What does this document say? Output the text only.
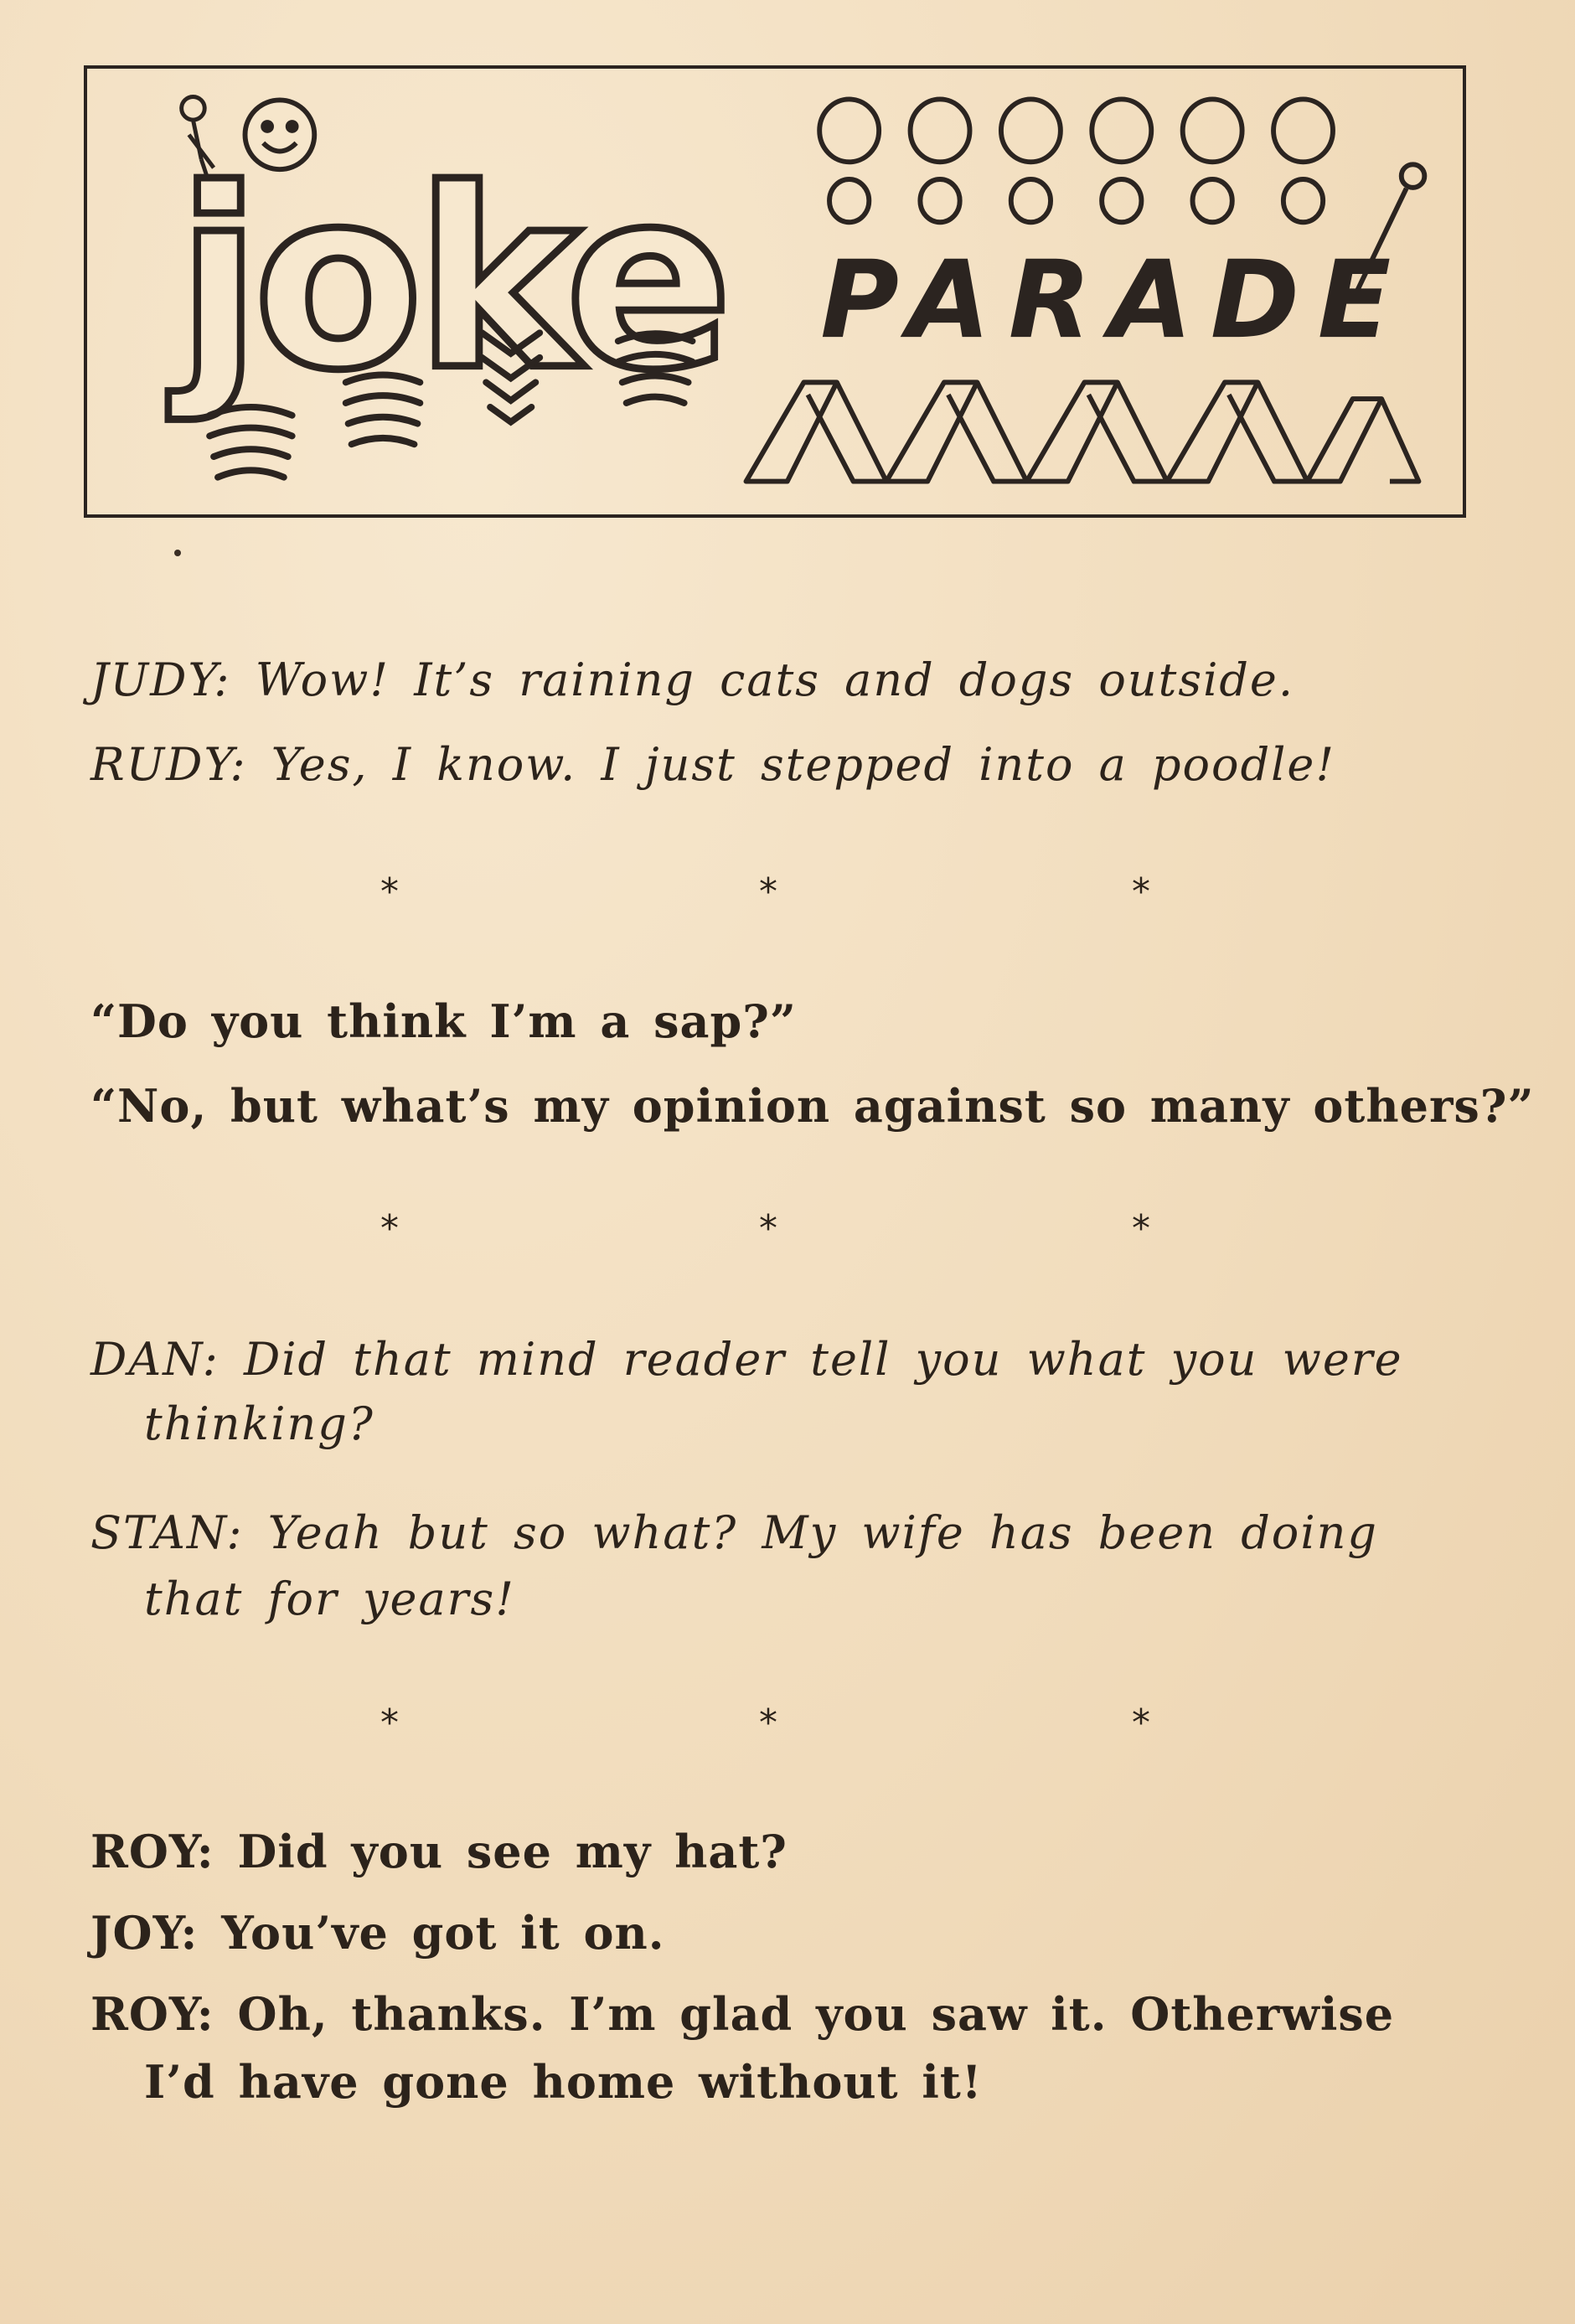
joke PARADE
JUDY: Wow! It’s raining cats and dogs outside.
RUDY: Yes, I know. I just stepped into a poodle!
*	*	*
“Do you think I’m a sap?”
“No, but what’s my opinion against so many others?”
*	*	*
DAN: Did that mind reader tell you what you were
thinking?
STAN: Yeah but so what? My wife has been doing
that for years!
*	*	*
ROY: Did you see my hat?
JOY: You’ve got it on.
ROY: Oh, thanks. I’m glad you saw it. Otherwise
I’d have gone home without it!
